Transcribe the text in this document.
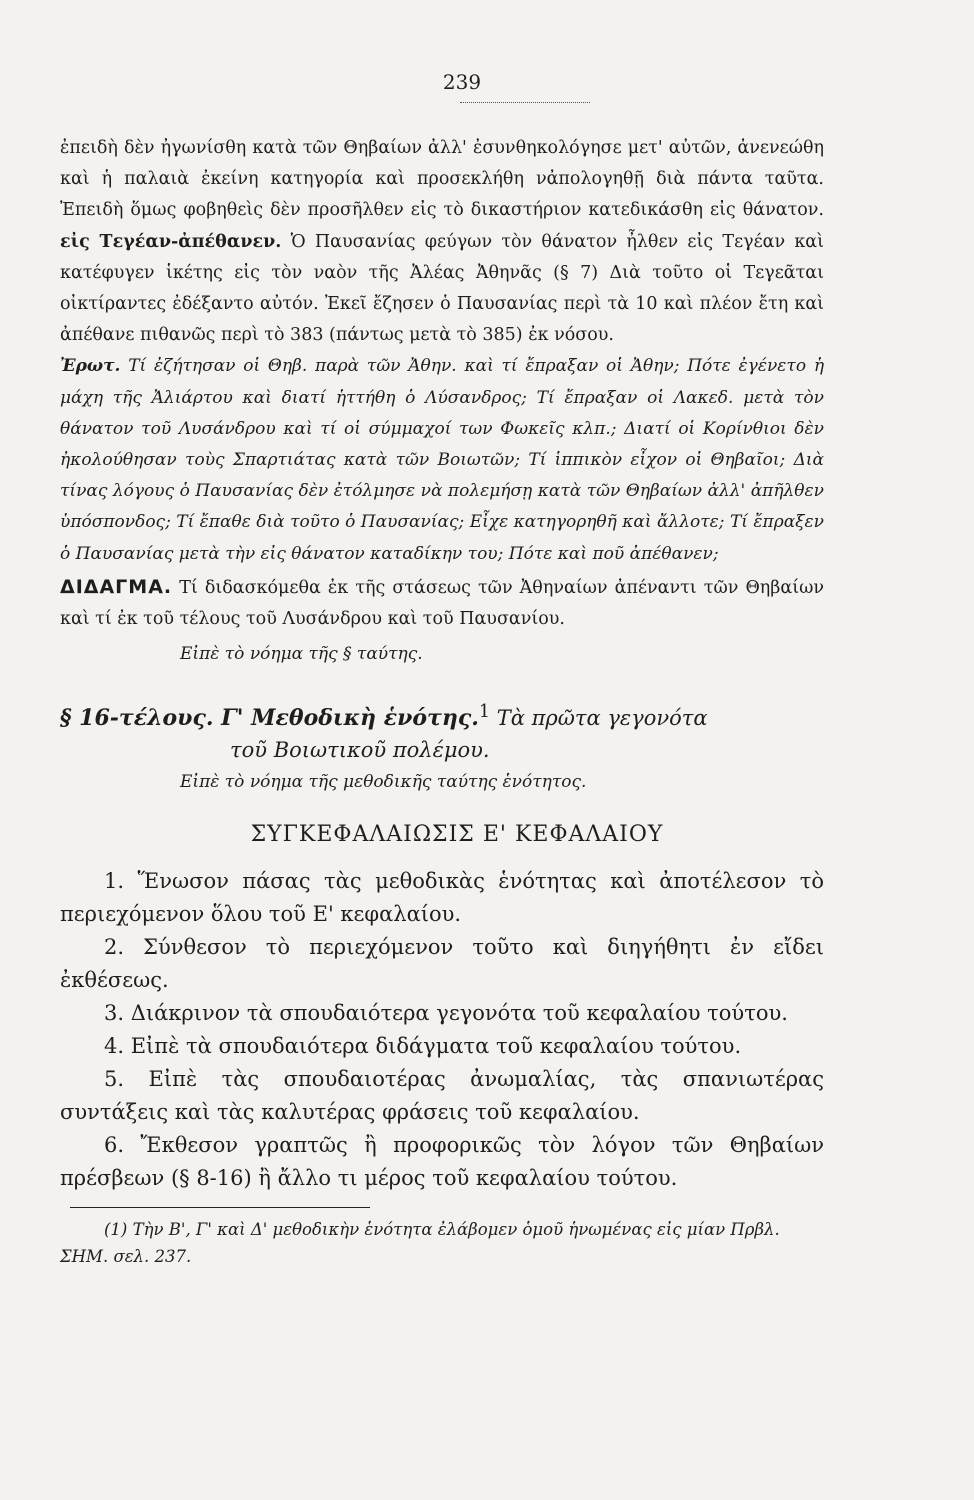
239

ἐπειδὴ δὲν ἠγωνίσθη κατὰ τῶν Θηβαίων ἀλλ' ἐσυνθηκολόγησε μετ' αὐτῶν, ἀνενεώθη καὶ ἡ παλαιὰ ἐκείνη κατηγορία καὶ προσεκλήθη νἀπολογηθῇ διὰ πάντα ταῦτα. Ἐπειδὴ ὅμως φοβηθεὶς δὲν προσῆλθεν εἰς τὸ δικαστήριον κατεδικάσθη εἰς θάνατον. εἰς Τεγέαν-ἀπέθανεν. Ὁ Παυσανίας φεύγων τὸν θάνατον ἦλθεν εἰς Τεγέαν καὶ κατέφυγεν ἱκέτης εἰς τὸν ναὸν τῆς Ἀλέας Ἀθηνᾶς (§ 7) Διὰ τοῦτο οἱ Τεγεᾶται οἰκτίραντες ἐδέξαντο αὐτόν. Ἐκεῖ ἔζησεν ὁ Παυσανίας περὶ τὰ 10 καὶ πλέον ἔτη καὶ ἀπέθανε πιθανῶς περὶ τὸ 383 (πάντως μετὰ τὸ 385) ἐκ νόσου.

Ἐρωτ. Τί ἐζήτησαν οἱ Θηβ. παρὰ τῶν Ἀθην. καὶ τί ἔπραξαν οἱ Ἀθην; Πότε ἐγένετο ἡ μάχη τῆς Ἀλιάρτου καὶ διατί ἡττήθη ὁ Λύσανδρος; Τί ἔπραξαν οἱ Λακεδ. μετὰ τὸν θάνατον τοῦ Λυσάνδρου καὶ τί οἱ σύμμαχοί των Φωκεῖς κλπ.; Διατί οἱ Κορίνθιοι δὲν ἠκολούθησαν τοὺς Σπαρτιάτας κατὰ τῶν Βοιωτῶν; Τί ἱππικὸν εἶχον οἱ Θηβαῖοι; Διὰ τίνας λόγους ὁ Παυσανίας δὲν ἐτόλμησε νὰ πολεμήσῃ κατὰ τῶν Θηβαίων ἀλλ' ἀπῆλθεν ὑπόσπονδος; Τί ἔπαθε διὰ τοῦτο ὁ Παυσανίας; Εἶχε κατηγορηθῆ καὶ ἄλλοτε; Τί ἔπραξεν ὁ Παυσανίας μετὰ τὴν εἰς θάνατον καταδίκην του; Πότε καὶ ποῦ ἀπέθανεν;

ΔΙΔΑΓΜΑ. Τί διδασκόμεθα ἐκ τῆς στάσεως τῶν Ἀθηναίων ἀπέναντι τῶν Θηβαίων καὶ τί ἐκ τοῦ τέλους τοῦ Λυσάνδρου καὶ τοῦ Παυσανίου.

Εἰπὲ τὸ νόημα τῆς § ταύτης.

§ 16-τέλους. Γ' Μεθοδικὴ ἑνότης.$^1$ Τὰ πρῶτα γεγονότα

τοῦ Βοιωτικοῦ πολέμου.

Εἰπὲ τὸ νόημα τῆς μεθοδικῆς ταύτης ἑνότητος.

ΣΥΓΚΕΦΑΛΑΙΩΣΙΣ Ε' ΚΕΦΑΛΑΙΟΥ

1. Ἕνωσον πάσας τὰς μεθοδικὰς ἑνότητας καὶ ἀποτέλεσον τὸ περιεχόμενον ὅλου τοῦ Ε' κεφαλαίου.

2. Σύνθεσον τὸ περιεχόμενον τοῦτο καὶ διηγήθητι ἐν εἴδει ἐκθέσεως.

3. Διάκρινον τὰ σπουδαιότερα γεγονότα τοῦ κεφαλαίου τούτου.

4. Εἰπὲ τὰ σπουδαιότερα διδάγματα τοῦ κεφαλαίου τούτου.

5. Εἰπὲ τὰς σπουδαιοτέρας ἀνωμαλίας, τὰς σπανιωτέρας συντάξεις καὶ τὰς καλυτέρας φράσεις τοῦ κεφαλαίου.

6. Ἔκθεσον γραπτῶς ἢ προφορικῶς τὸν λόγον τῶν Θηβαίων πρέσβεων (§ 8-16) ἢ ἄλλο τι μέρος τοῦ κεφαλαίου τούτου.

(1) Τὴν Β', Γ' καὶ Δ' μεθοδικὴν ἑνότητα ἐλάβομεν ὁμοῦ ἡνωμένας εἰς μίαν Πρβλ. ΣΗΜ. σελ. 237.
